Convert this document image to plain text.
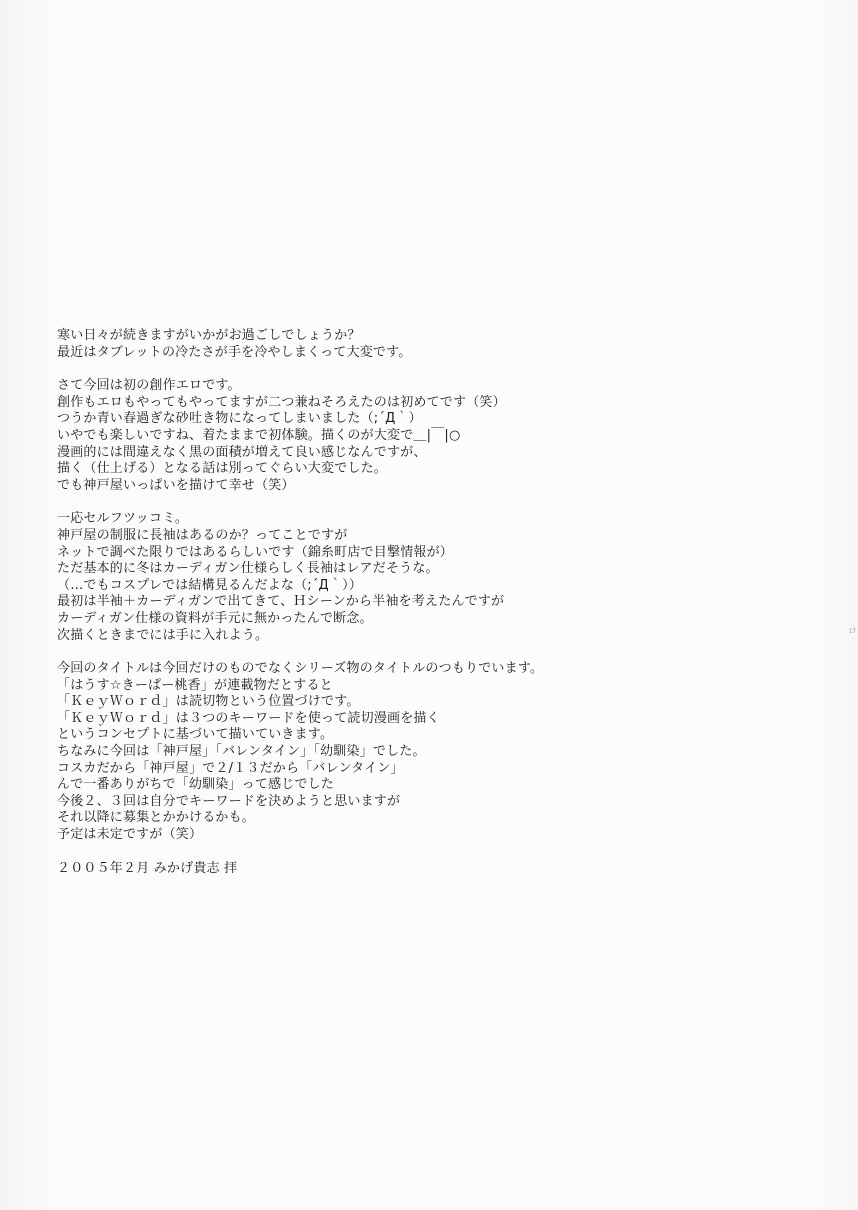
寒い日々が続きますがいかがお過ごしでしょうか？
最近はタブレットの冷たさが手を冷やしまくって大変です。
さて今回は初の創作エロです。
創作もエロもやってもやってますが二つ兼ねそろえたのは初めてです（笑）
つうか青い春過ぎな砂吐き物になってしまいました（;´Д｀）
いやでも楽しいですね、着たままで初体験。描くのが大変で＿|￣|○
漫画的には間違えなく黒の面積が増えて良い感じなんですが、
描く（仕上げる）となる話は別ってぐらい大変でした。
でも神戸屋いっぱいを描けて幸せ（笑）
一応セルフツッコミ。
神戸屋の制服に長袖はあるのか？ってことですが
ネットで調べた限りではあるらしいです（錦糸町店で目撃情報が）
ただ基本的に冬はカーディガン仕様らしく長袖はレアだそうな。
（…でもコスプレでは結構見るんだよな（;´Д｀））
最初は半袖＋カーディガンで出てきて、Ｈシーンから半袖を考えたんですが
カーディガン仕様の資料が手元に無かったんで断念。
次描くときまでには手に入れよう。
今回のタイトルは今回だけのものでなくシリーズ物のタイトルのつもりでいます。
「はうす☆きーぱー桃香」が連載物だとすると
「ＫｅｙＷｏｒｄ」は読切物という位置づけです。
「ＫｅｙＷｏｒｄ」は３つのキーワードを使って読切漫画を描く
というコンセプトに基づいて描いていきます。
ちなみに今回は「神戸屋」「バレンタイン」「幼馴染」でした。
コスカだから「神戸屋」で２/１３だから「バレンタイン」
んで一番ありがちで「幼馴染」って感じでした
今後２、３回は自分でキーワードを決めようと思いますが
それ以降に募集とかかけるかも。
予定は未定ですが（笑）
２００５年２月 みかげ貴志 拝
17
